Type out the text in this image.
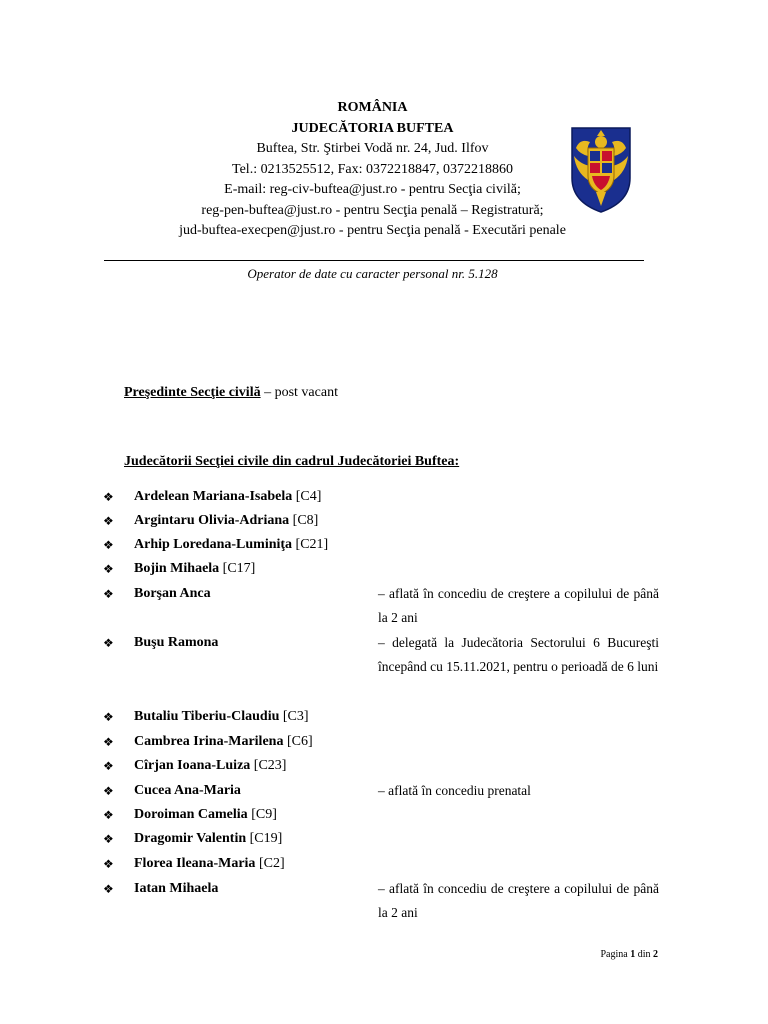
ROMÂNIA
JUDECĂTORIA BUFTEA
Buftea, Str. Ştirbei Vodă nr. 24, Jud. Ilfov
Tel.: 0213525512, Fax: 0372218847, 0372218860
E-mail: reg-civ-buftea@just.ro - pentru Secţia civilă;
reg-pen-buftea@just.ro - pentru Secţia penală – Registratură;
jud-buftea-execpen@just.ro - pentru Secţia penală - Executări penale
Operator de date cu caracter personal nr. 5.128
Preşedinte Secţie civilă – post vacant
Judecătorii Secţiei civile din cadrul Judecătoriei Buftea:
❖ Ardelean Mariana-Isabela [C4]
❖ Argintaru Olivia-Adriana [C8]
❖ Arhip Loredana-Luminiţa [C21]
❖ Bojin Mihaela [C17]
❖ Borşan Anca	– aflată în concediu de creştere a copilului de până la 2 ani
❖ Buşu Ramona	– delegată la Judecătoria Sectorului 6 Bucureşti începând cu 15.11.2021, pentru o perioadă de 6 luni
❖ Butaliu Tiberiu-Claudiu [C3]
❖ Cambrea Irina-Marilena [C6]
❖ Cîrjan Ioana-Luiza [C23]
❖ Cucea Ana-Maria	– aflată în concediu prenatal
❖ Doroiman Camelia [C9]
❖ Dragomir Valentin [C19]
❖ Florea Ileana-Maria [C2]
❖ Iatan Mihaela	– aflată în concediu de creştere a copilului de până la 2 ani
Pagina 1 din 2
